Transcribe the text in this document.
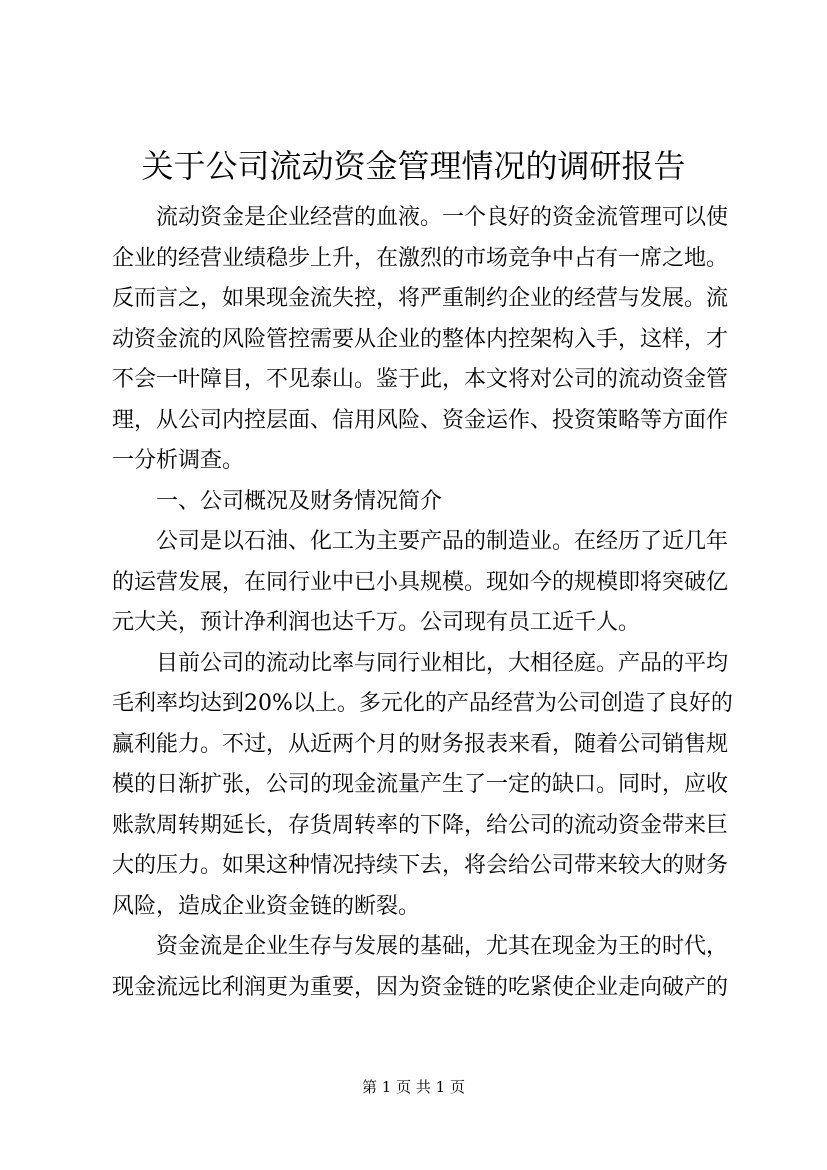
关于公司流动资金管理情况的调研报告
流动资金是企业经营的血液。一个良好的资金流管理可以使
企业的经营业绩稳步上升，在激烈的市场竞争中占有一席之地。
反而言之，如果现金流失控，将严重制约企业的经营与发展。流
动资金流的风险管控需要从企业的整体内控架构入手，这样，才
不会一叶障目，不见泰山。鉴于此，本文将对公司的流动资金管
理，从公司内控层面、信用风险、资金运作、投资策略等方面作
一分析调查。
一、公司概况及财务情况简介
公司是以石油、化工为主要产品的制造业。在经历了近几年
的运营发展，在同行业中已小具规模。现如今的规模即将突破亿
元大关，预计净利润也达千万。公司现有员工近千人。
目前公司的流动比率与同行业相比，大相径庭。产品的平均
毛利率均达到20%以上。多元化的产品经营为公司创造了良好的
赢利能力。不过，从近两个月的财务报表来看，随着公司销售规
模的日渐扩张，公司的现金流量产生了一定的缺口。同时，应收
账款周转期延长，存货周转率的下降，给公司的流动资金带来巨
大的压力。如果这种情况持续下去，将会给公司带来较大的财务
风险，造成企业资金链的断裂。
资金流是企业生存与发展的基础，尤其在现金为王的时代，
现金流远比利润更为重要，因为资金链的吃紧使企业走向破产的
第 1 页 共 1 页
